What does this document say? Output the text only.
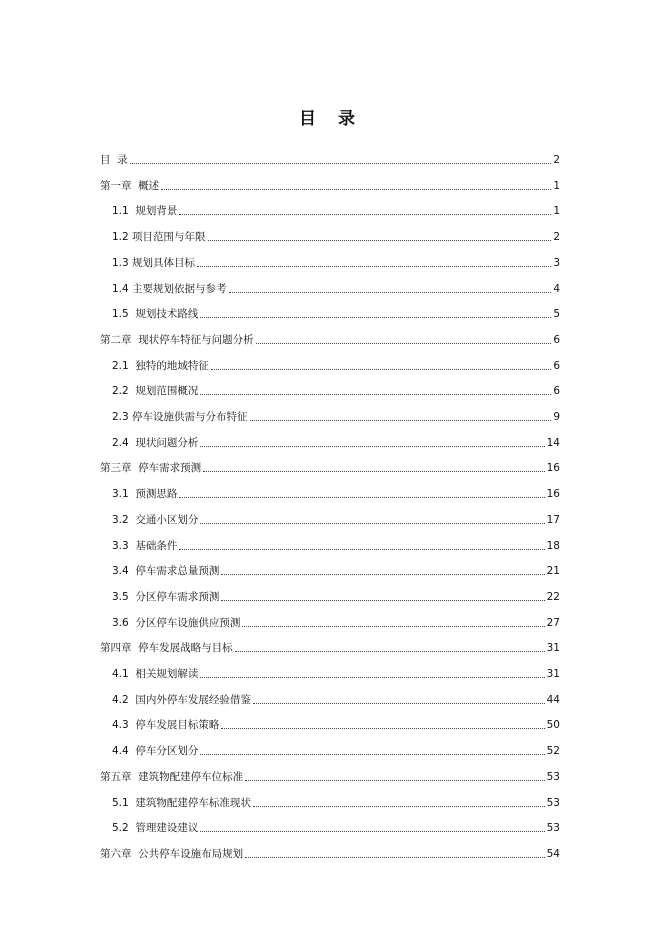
目 录
目  录	2
第一章  概述	1
1.1  规划背景	1
1.2 项目范围与年限	2
1.3 规划具体目标	3
1.4 主要规划依据与参考	4
1.5  规划技术路线	5
第二章  现状停车特征与问题分析	6
2.1  独特的地域特征	6
2.2  规划范围概况	6
2.3 停车设施供需与分布特征	9
2.4  现状问题分析	14
第三章  停车需求预测	16
3.1  预测思路	16
3.2  交通小区划分	17
3.3  基础条件	18
3.4  停车需求总量预测	21
3.5  分区停车需求预测	22
3.6  分区停车设施供应预测	27
第四章  停车发展战略与目标	31
4.1  相关规划解读	31
4.2  国内外停车发展经验借鉴	44
4.3  停车发展目标策略	50
4.4  停车分区划分	52
第五章  建筑物配建停车位标准	53
5.1  建筑物配建停车标准现状	53
5.2  管理建设建议	53
第六章  公共停车设施布局规划	54
